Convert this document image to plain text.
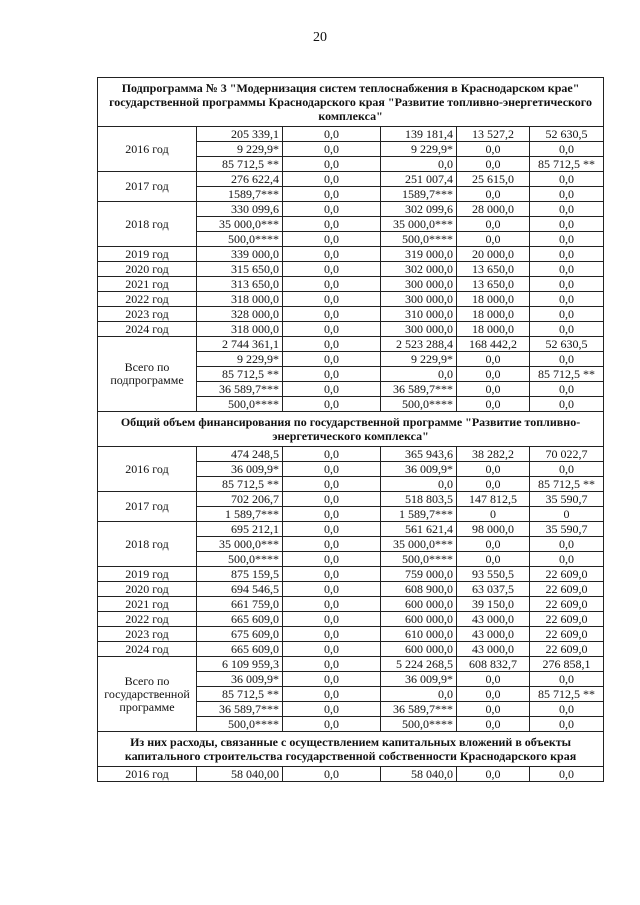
20
Подпрограмма № 3 "Модернизация систем теплоснабжения в Краснодарском крае" государственной программы Краснодарского края "Развитие топливно-энергетического комплекса"					
2016 год	205 339,1	0,0	139 181,4	13 527,2	52 630,5
	9 229,9*	0,0	9 229,9*	0,0	0,0
	85 712,5 **	0,0	0,0	0,0	85 712,5 **
2017 год	276 622,4	0,0	251 007,4	25 615,0	0,0
	1589,7***	0,0	1589,7***	0,0	0,0
2018 год	330 099,6	0,0	302 099,6	28 000,0	0,0
	35 000,0***	0,0	35 000,0***	0,0	0,0
	500,0****	0,0	500,0****	0,0	0,0
2019 год	339 000,0	0,0	319 000,0	20 000,0	0,0
2020 год	315 650,0	0,0	302 000,0	13 650,0	0,0
2021 год	313 650,0	0,0	300 000,0	13 650,0	0,0
2022 год	318 000,0	0,0	300 000,0	18 000,0	0,0
2023 год	328 000,0	0,0	310 000,0	18 000,0	0,0
2024 год	318 000,0	0,0	300 000,0	18 000,0	0,0
Всего по подпрограмме	2 744 361,1	0,0	2 523 288,4	168 442,2	52 630,5
	9 229,9*	0,0	9 229,9*	0,0	0,0
	85 712,5 **	0,0	0,0	0,0	85 712,5 **
	36 589,7***	0,0	36 589,7***	0,0	0,0
	500,0****	0,0	500,0****	0,0	0,0
Общий объем финансирования по государственной программе "Развитие топливно-энергетического комплекса"					
2016 год	474 248,5	0,0	365 943,6	38 282,2	70 022,7
	36 009,9*	0,0	36 009,9*	0,0	0,0
	85 712,5 **	0,0	0,0	0,0	85 712,5 **
2017 год	702 206,7	0,0	518 803,5	147 812,5	35 590,7
	1 589,7***	0,0	1 589,7***	0	0
2018 год	695 212,1	0,0	561 621,4	98 000,0	35 590,7
	35 000,0***	0,0	35 000,0***	0,0	0,0
	500,0****	0,0	500,0****	0,0	0,0
2019 год	875 159,5	0,0	759 000,0	93 550,5	22 609,0
2020 год	694 546,5	0,0	608 900,0	63 037,5	22 609,0
2021 год	661 759,0	0,0	600 000,0	39 150,0	22 609,0
2022 год	665 609,0	0,0	600 000,0	43 000,0	22 609,0
2023 год	675 609,0	0,0	610 000,0	43 000,0	22 609,0
2024 год	665 609,0	0,0	600 000,0	43 000,0	22 609,0
Всего по государственной программе	6 109 959,3	0,0	5 224 268,5	608 832,7	276 858,1
	36 009,9*	0,0	36 009,9*	0,0	0,0
	85 712,5 **	0,0	0,0	0,0	85 712,5 **
	36 589,7***	0,0	36 589,7***	0,0	0,0
	500,0****	0,0	500,0****	0,0	0,0
Из них расходы, связанные с осуществлением капитальных вложений в объекты капитального строительства государственной собственности Краснодарского края					
2016 год	58 040,00	0,0	58 040,0	0,0	0,0
